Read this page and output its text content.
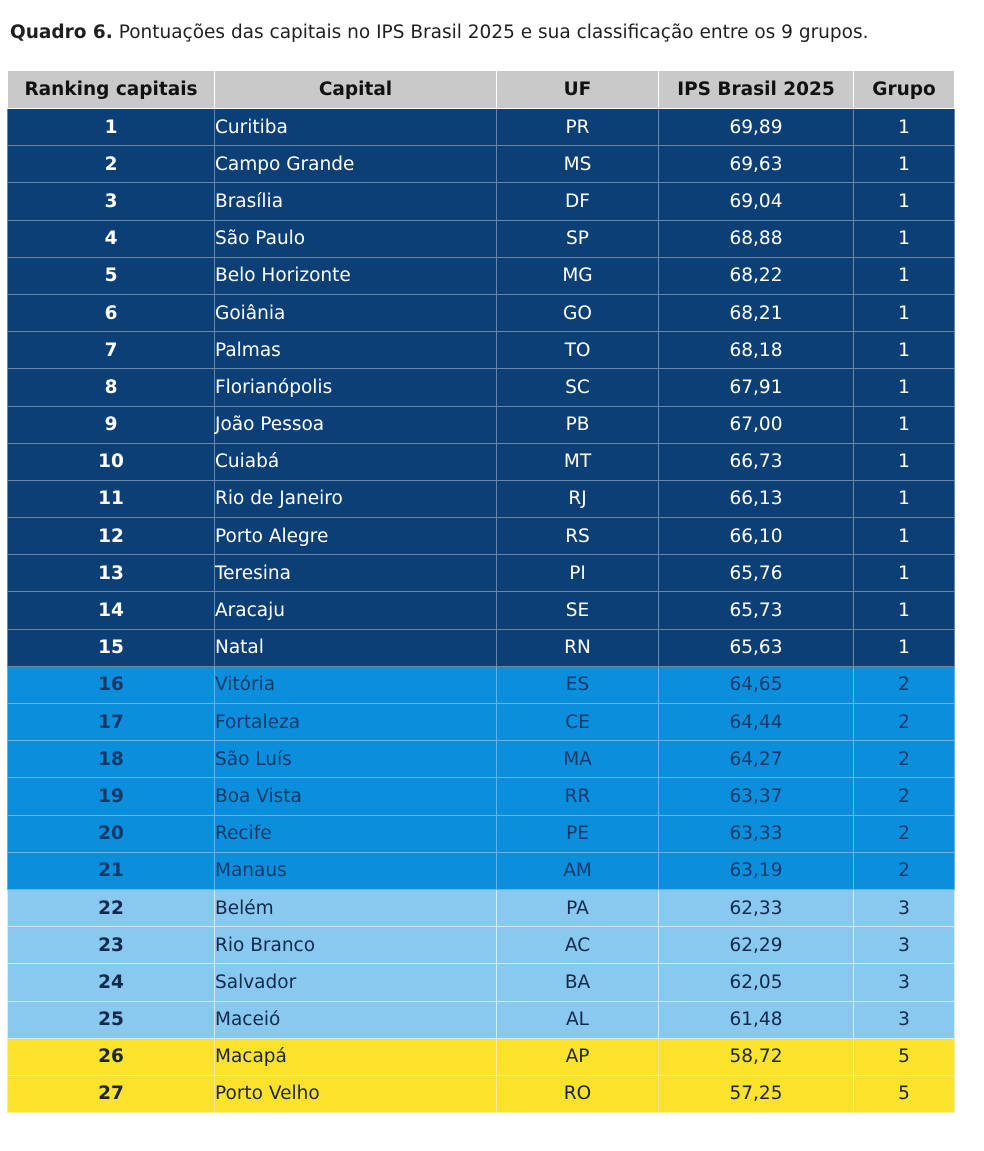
Quadro 6. Pontuações das capitais no IPS Brasil 2025 e sua classificação entre os 9 grupos.
Ranking capitais	Capital	UF	IPS Brasil 2025	Grupo
1	Curitiba	PR	69,89	1
2	Campo Grande	MS	69,63	1
3	Brasília	DF	69,04	1
4	São Paulo	SP	68,88	1
5	Belo Horizonte	MG	68,22	1
6	Goiânia	GO	68,21	1
7	Palmas	TO	68,18	1
8	Florianópolis	SC	67,91	1
9	João Pessoa	PB	67,00	1
10	Cuiabá	MT	66,73	1
11	Rio de Janeiro	RJ	66,13	1
12	Porto Alegre	RS	66,10	1
13	Teresina	PI	65,76	1
14	Aracaju	SE	65,73	1
15	Natal	RN	65,63	1
16	Vitória	ES	64,65	2
17	Fortaleza	CE	64,44	2
18	São Luís	MA	64,27	2
19	Boa Vista	RR	63,37	2
20	Recife	PE	63,33	2
21	Manaus	AM	63,19	2
22	Belém	PA	62,33	3
23	Rio Branco	AC	62,29	3
24	Salvador	BA	62,05	3
25	Maceió	AL	61,48	3
26	Macapá	AP	58,72	5
27	Porto Velho	RO	57,25	5
